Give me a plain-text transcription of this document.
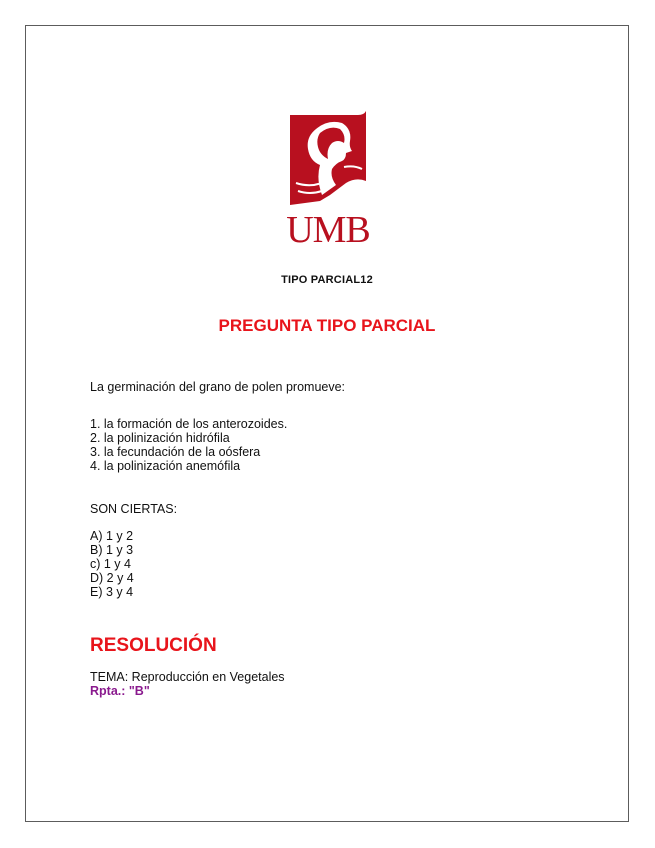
UMB
TIPO PARCIAL12
PREGUNTA TIPO PARCIAL
La germinación del grano de polen promueve:
1. la formación de los anterozoides.
2. la polinización hidrófila
3. la fecundación de la oósfera
4. la polinización anemófila
SON CIERTAS:
A) 1 y 2
B) 1 y 3
c) 1 y 4
D) 2 y 4
E) 3 y 4
RESOLUCIÓN
TEMA: Reproducción en Vegetales
Rpta.: "B"
